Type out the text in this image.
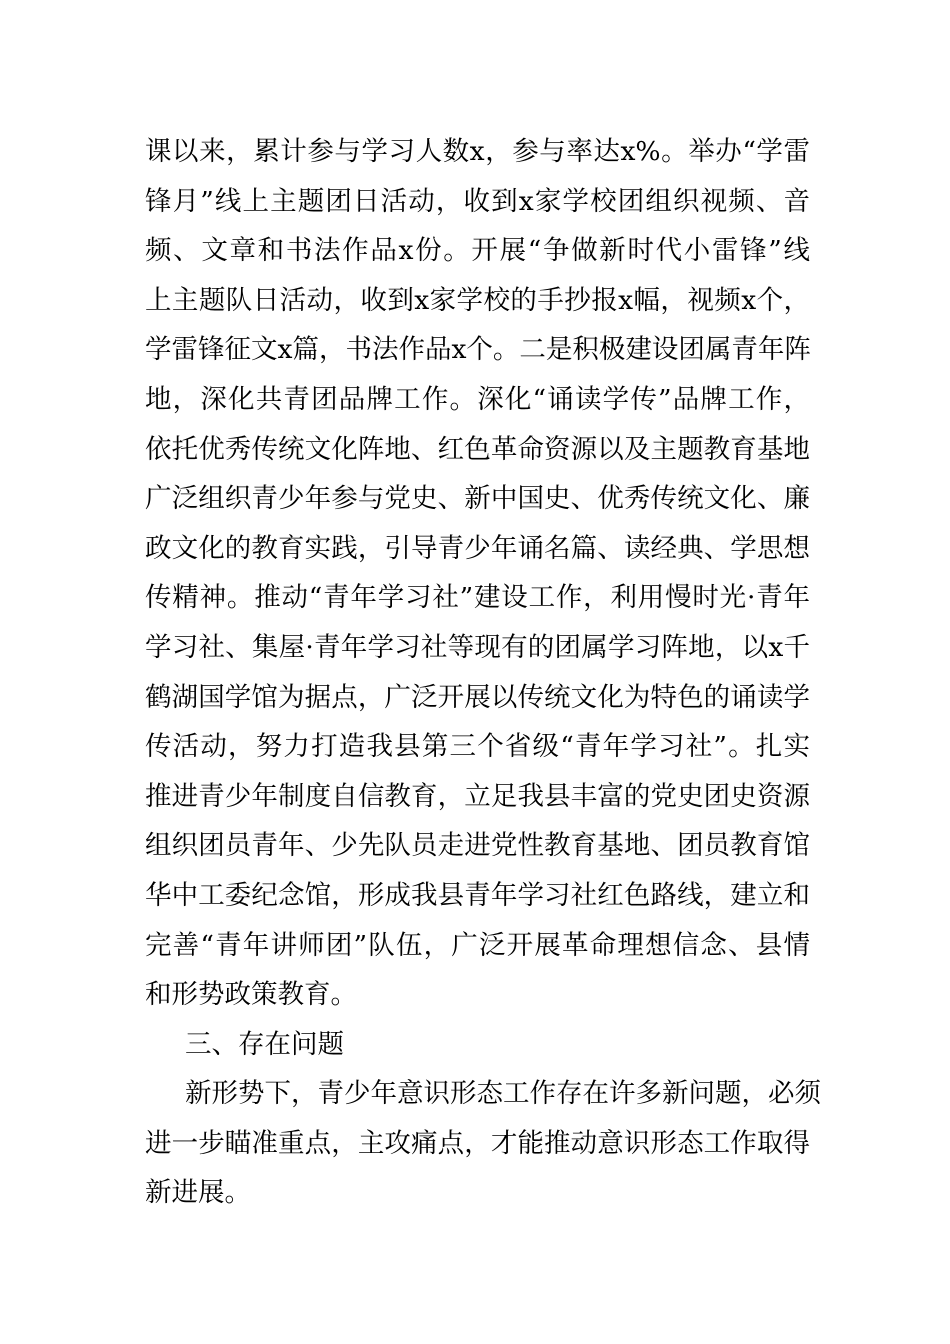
课以来，累计参与学习人数x，参与率达x%。举办“学雷
锋月”线上主题团日活动，收到x家学校团组织视频、音
频、文章和书法作品x份。开展“争做新时代小雷锋”线
上主题队日活动，收到x家学校的手抄报x幅，视频x个，
学雷锋征文x篇，书法作品x个。二是积极建设团属青年阵
地，深化共青团品牌工作。深化“诵读学传”品牌工作，
依托优秀传统文化阵地、红色革命资源以及主题教育基地
广泛组织青少年参与党史、新中国史、优秀传统文化、廉
政文化的教育实践，引导青少年诵名篇、读经典、学思想
传精神。推动“青年学习社”建设工作，利用慢时光·青年
学习社、集屋·青年学习社等现有的团属学习阵地，以x千
鹤湖国学馆为据点，广泛开展以传统文化为特色的诵读学
传活动，努力打造我县第三个省级“青年学习社”。扎实
推进青少年制度自信教育，立足我县丰富的党史团史资源
组织团员青年、少先队员走进党性教育基地、团员教育馆
华中工委纪念馆，形成我县青年学习社红色路线，建立和
完善“青年讲师团”队伍，广泛开展革命理想信念、县情
和形势政策教育。
三、存在问题
新形势下，青少年意识形态工作存在许多新问题，必须
进一步瞄准重点，主攻痛点，才能推动意识形态工作取得
新进展。
